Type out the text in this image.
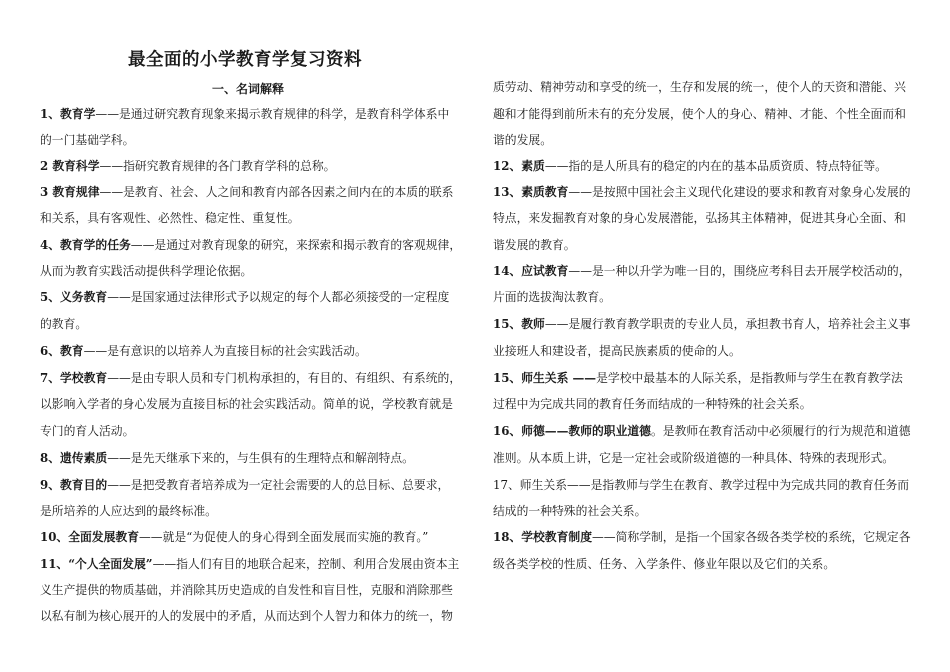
最全面的小学教育学复习资料
一、名词解释
1、教育学——是通过研究教育现象来揭示教育规律的科学，是教育科学体系中
的一门基础学科。
2 教育科学——指研究教育规律的各门教育学科的总称。
3 教育规律——是教育、社会、人之间和教育内部各因素之间内在的本质的联系
和关系，具有客观性、必然性、稳定性、重复性。
4、教育学的任务——是通过对教育现象的研究，来探索和揭示教育的客观规律，
从而为教育实践活动提供科学理论依据。
5、义务教育——是国家通过法律形式予以规定的每个人都必须接受的一定程度
的教育。
6、教育——是有意识的以培养人为直接目标的社会实践活动。
7、学校教育——是由专职人员和专门机构承担的，有目的、有组织、有系统的，
以影响入学者的身心发展为直接目标的社会实践活动。简单的说，学校教育就是
专门的育人活动。
8、遗传素质——是先天继承下来的，与生俱有的生理特点和解剖特点。
9、教育目的——是把受教育者培养成为一定社会需要的人的总目标、总要求，
是所培养的人应达到的最终标准。
10、全面发展教育——就是“为促使人的身心得到全面发展而实施的教育。”
11、“个人全面发展”——指人们有目的地联合起来，控制、利用合发展由资本主
义生产提供的物质基础，并消除其历史造成的自发性和盲目性，克服和消除那些
以私有制为核心展开的人的发展中的矛盾，从而达到个人智力和体力的统一，物
质劳动、精神劳动和享受的统一，生存和发展的统一，使个人的天资和潜能、兴
趣和才能得到前所未有的充分发展，使个人的身心、精神、才能、个性全面而和
谐的发展。
12、素质——指的是人所具有的稳定的内在的基本品质资质、特点特征等。
13、素质教育——是按照中国社会主义现代化建设的要求和教育对象身心发展的
特点，来发掘教育对象的身心发展潜能，弘扬其主体精神，促进其身心全面、和
谐发展的教育。
14、应试教育——是一种以升学为唯一目的，围绕应考科目去开展学校活动的，
片面的选拔淘汰教育。
15、教师——是履行教育教学职责的专业人员，承担教书育人，培养社会主义事
业接班人和建设者，提高民族素质的使命的人。
15、师生关系 ——是学校中最基本的人际关系，是指教师与学生在教育教学法
过程中为完成共同的教育任务而结成的一种特殊的社会关系。
16、师德——教师的职业道德。是教师在教育活动中必须履行的行为规范和道德
准则。从本质上讲，它是一定社会或阶级道德的一种具体、特殊的表现形式。
17、师生关系——是指教师与学生在教育、教学过程中为完成共同的教育任务而
结成的一种特殊的社会关系。
18、学校教育制度——简称学制，是指一个国家各级各类学校的系统，它规定各
级各类学校的性质、任务、入学条件、修业年限以及它们的关系。
